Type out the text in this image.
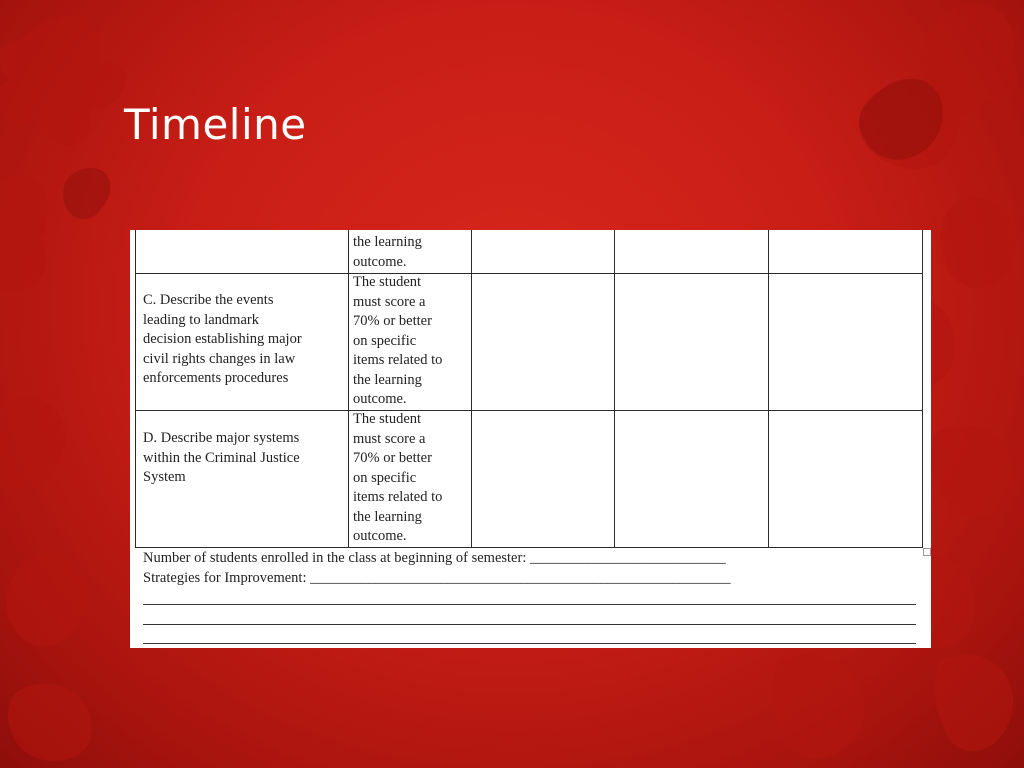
Timeline
the learning
outcome.
C. Describe the events
leading to landmark
decision establishing major
civil rights changes in law
enforcements procedures
The student
must score a
70% or better
on specific
items related to
the learning
outcome.
D. Describe major systems
within the Criminal Justice
System
The student
must score a
70% or better
on specific
items related to
the learning
outcome.
Number of students enrolled in the class at beginning of semester: ___________________________
Strategies for Improvement: __________________________________________________________
